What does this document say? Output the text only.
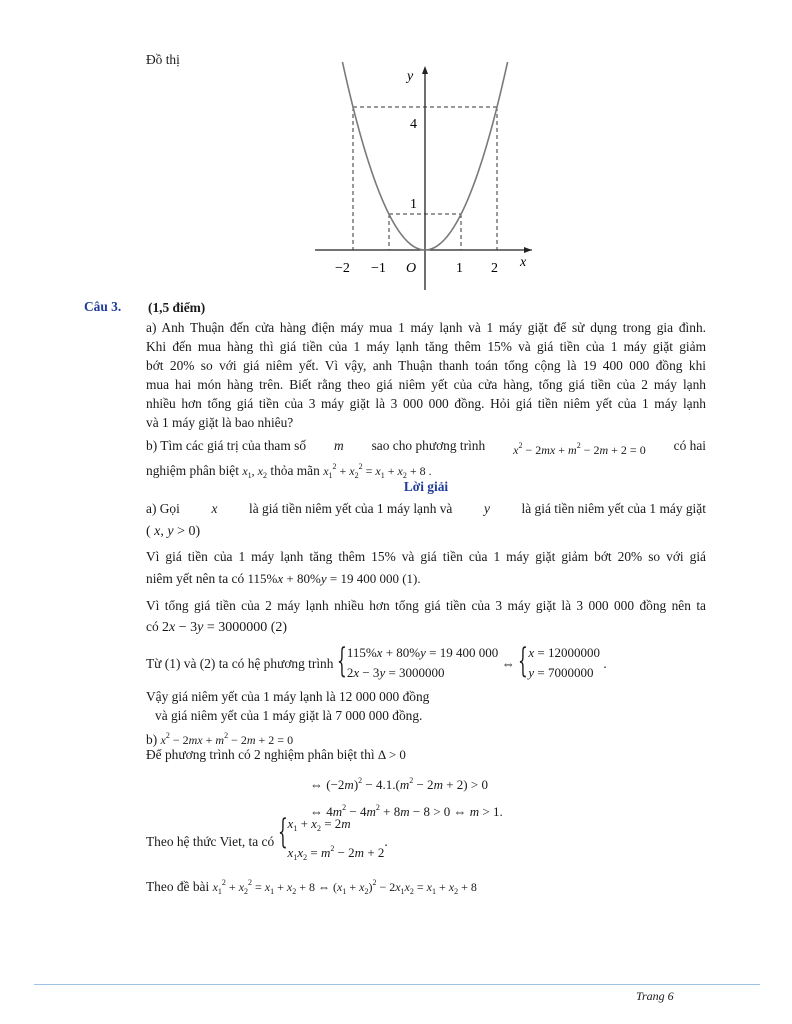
Đồ thị
y
x
O
4
1
−2 −1	1 2
Câu 3. (1,5 điểm)
a) Anh Thuận đến cửa hàng điện máy mua 1 máy lạnh và 1 máy giặt để sử dụng trong gia đình.
Khi đến mua hàng thì giá tiền của 1 máy lạnh tăng thêm 15% và giá tiền của 1 máy giặt giảm
bớt 20% so với giá niêm yết. Vì vậy, anh Thuận thanh toán tổng cộng là 19 400 000 đồng khi
mua hai món hàng trên. Biết rằng theo giá niêm yết của cửa hàng, tổng giá tiền của 2 máy lạnh
nhiều hơn tổng giá tiền của 3 máy giặt là 3 000 000 đồng. Hỏi giá tiền niêm yết của 1 máy lạnh
và 1 máy giặt là bao nhiêu?
b) Tìm các giá trị của tham số m sao cho phương trình $x^2 - 2mx + m^2 - 2m + 2 = 0$ có hai
nghiệm phân biệt $x_1$, $x_2$ thỏa mãn $x_1^2 + x_2^2 = x_1 + x_2 + 8$ .
Lời giải
a) Gọi x là giá tiền niêm yết của 1 máy lạnh và y là giá tiền niêm yết của 1 máy giặt
( x, y > 0)
Vì giá tiền của 1 máy lạnh tăng thêm 15% và giá tiền của 1 máy giặt giảm bớt 20% so với giá
niêm yết nên ta có 115%x + 80%y = 19 400 000 (1).
Vì tổng giá tiền của 2 máy lạnh nhiều hơn tổng giá tiền của 3 máy giặt là 3 000 000 đồng nên ta
có 2x − 3y = 3000000 (2)
Từ (1) và (2) ta có hệ phương trình
{ 115%x + 80%y = 19 400 000
2x − 3y = 3000000
⇔ { x = 12000000
y = 7000000
.
Vậy giá niêm yết của 1 máy lạnh là 12 000 000 đồng
và giá niêm yết của 1 máy giặt là 7 000 000 đồng.
b) $x^2 - 2mx + m^2 - 2m + 2 = 0$
Để phương trình có 2 nghiệm phân biệt thì Δ > 0
⇔ $(-2m)^2 - 4.1.(m^2 - 2m + 2) > 0$
⇔ $4m^2 - 4m^2 + 8m - 8 > 0$ ⇔ m > 1.
Theo hệ thức Viet, ta có
{ $x_1 + x_2 = 2m$
$x_1x_2 = m^2 - 2m + 2$
.
Theo đề bài $x_1^2 + x_2^2 = x_1 + x_2 + 8$ ⇔ $(x_1 + x_2)^2 - 2x_1x_2 = x_1 + x_2 + 8$
Trang 6
